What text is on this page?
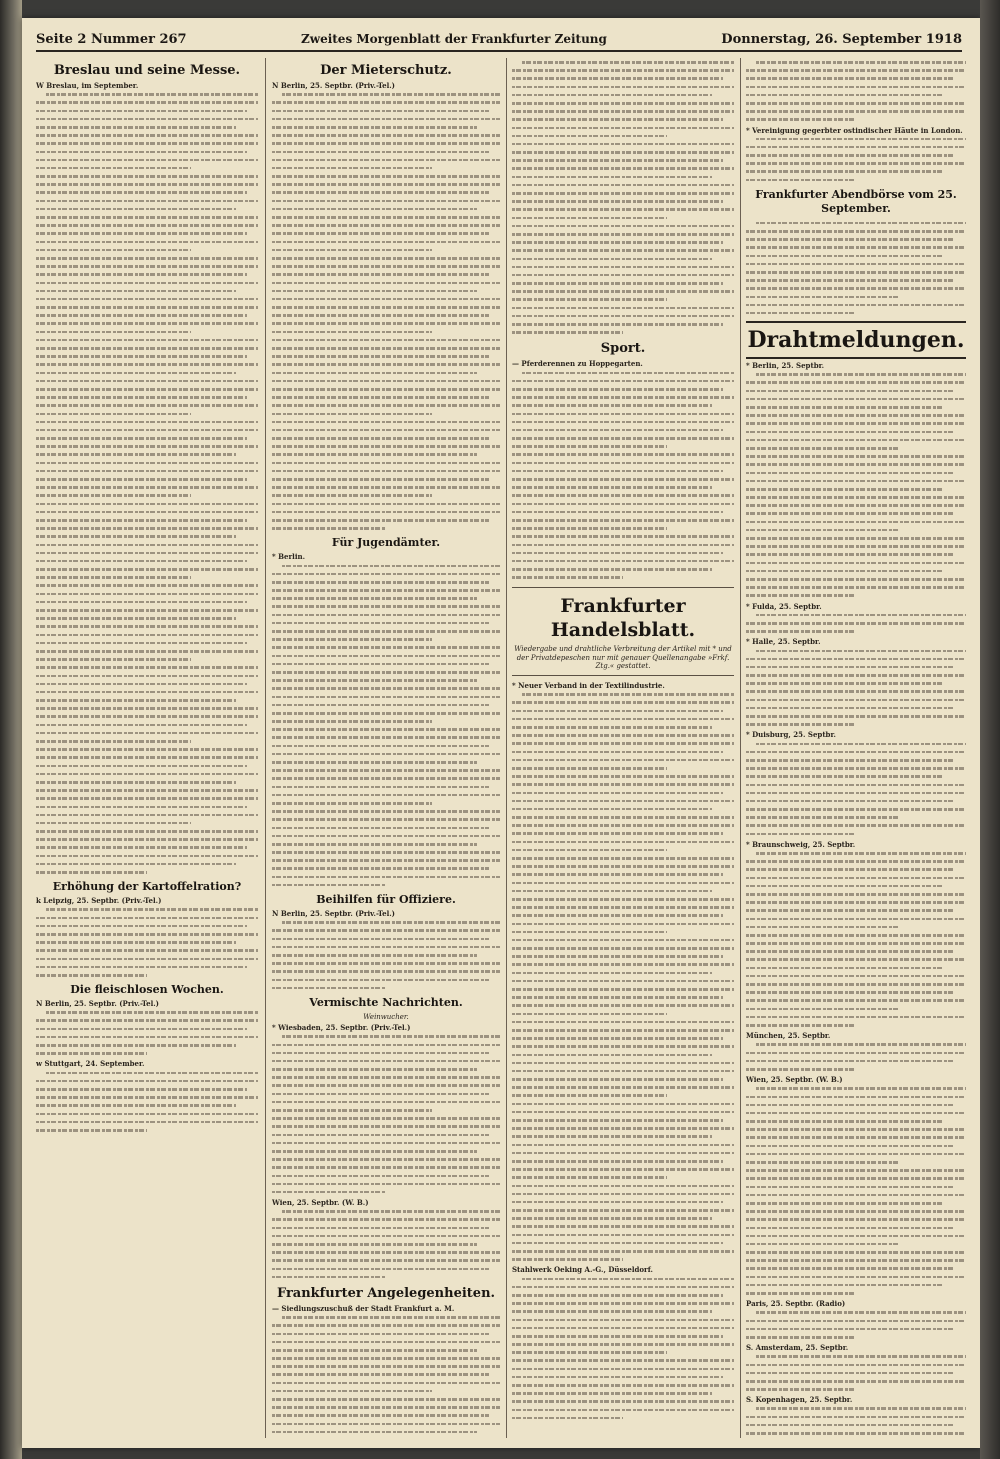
Seite 2 Nummer 267	Zweites Morgenblatt der Frankfurter Zeitung	Donnerstag, 26. September 1918
Breslau und seine Messe.
W Breslau, im September.
Erhöhung der Kartoffelration?
k Leipzig, 25. Septbr. (Priv.-Tel.)
Die fleischlosen Wochen.
N Berlin, 25. Septbr. (Priv.-Tel.)
w Stuttgart, 24. September.
Der Mieterschutz.
N Berlin, 25. Septbr. (Priv.-Tel.)
Für Jugendämter.
* Berlin.
Beihilfen für Offiziere.
N Berlin, 25. Septbr. (Priv.-Tel.)
Vermischte Nachrichten.
Weinwucher.
* Wiesbaden, 25. Septbr. (Priv.-Tel.)
Wien, 25. Septbr. (W. B.)
Frankfurter Angelegenheiten.
— Siedlungszuschuß der Stadt Frankfurt a. M.
Sport.
— Pferderennen zu Hoppegarten.
Frankfurter Handelsblatt.
Wiedergabe und drahtliche Verbreitung der Artikel mit * und der Privatdepeschen nur mit genauer Quellenangabe »Frkf. Ztg.« gestattet.
* Neuer Verband in der Textilindustrie.
Stahlwerk Oeking A.-G., Düsseldorf.
* Vereinigung gegerbter ostindischer Häute in London.
Frankfurter Abendbörse vom 25. September.
Drahtmeldungen.
* Berlin, 25. Septbr.
* Fulda, 25. Septbr.
* Halle, 25. Septbr.
* Duisburg, 25. Septbr.
* Braunschweig, 25. Septbr.
München, 25. Septbr.
Wien, 25. Septbr. (W. B.)
Paris, 25. Septbr. (Radio)
S. Amsterdam, 25. Septbr.
S. Kopenhagen, 25. Septbr.
